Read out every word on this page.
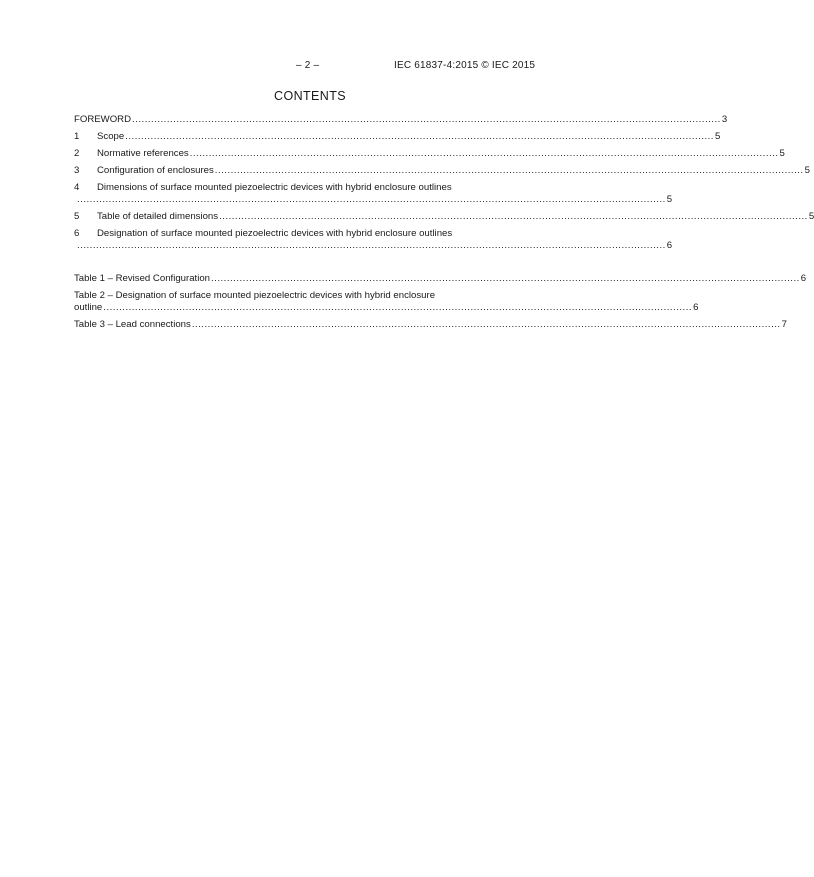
– 2 –	IEC 61837-4:2015 © IEC 2015
CONTENTS
FOREWORD .......................................................................................................................................................................................... 3
1	Scope .......................................................................................................................................................................................... 5
2	Normative references .......................................................................................................................................................................................... 5
3	Configuration of enclosures .......................................................................................................................................................................................... 5
4	Dimensions of surface mounted piezoelectric devices with hybrid enclosure outlines
.......................................................................................................................................................................................... 5
5	Table of detailed dimensions .......................................................................................................................................................................................... 5
6	Designation of surface mounted piezoelectric devices with hybrid enclosure outlines
.......................................................................................................................................................................................... 6
Table 1 – Revised Configuration .......................................................................................................................................................................................... 6
Table 2 – Designation of surface mounted piezoelectric devices with hybrid enclosure
outline .......................................................................................................................................................................................... 6
Table 3 – Lead connections .......................................................................................................................................................................................... 7
